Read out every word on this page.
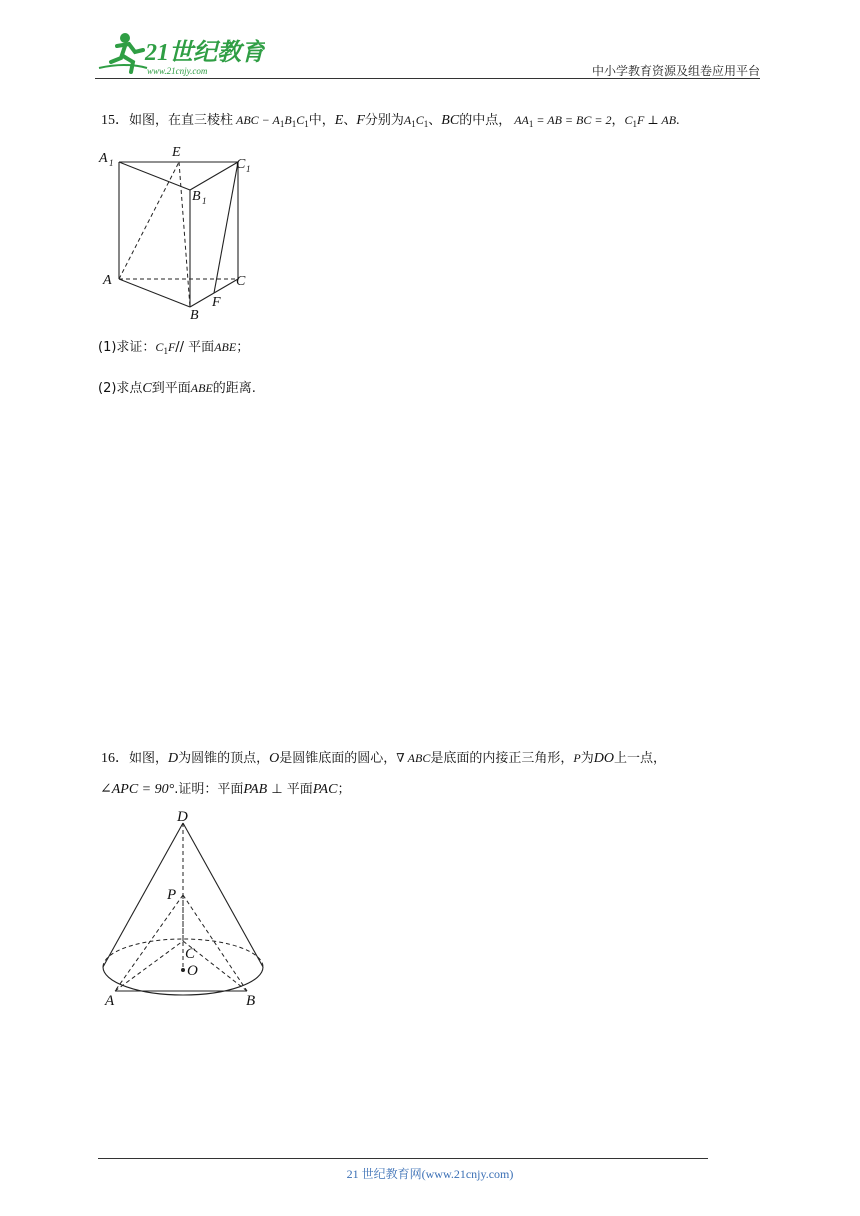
21世纪教育
www.21cnjy.com	中小学教育资源及组卷应用平台
15．如图，在直三棱柱 ABC − $A_1B_1C_1$中，E、F分别为$A_1C_1$、BC的中点， $AA_1$ = AB = BC = 2，$C_1F$ ⊥ AB.
A 1
E
C 1
B 1
A	C
B
F
(1)求证：$C_1F//$ 平面ABE；
(2)求点C到平面ABE的距离.
16．如图，D为圆锥的顶点，O是圆锥底面的圆心，∇ ABC是底面的内接正三角形，P为DO上一点，
∠APC = 90°.证明：平面PAB ⊥ 平面PAC；
D
P
C
O
A	B
21 世纪教育网(www.21cnjy.com)
